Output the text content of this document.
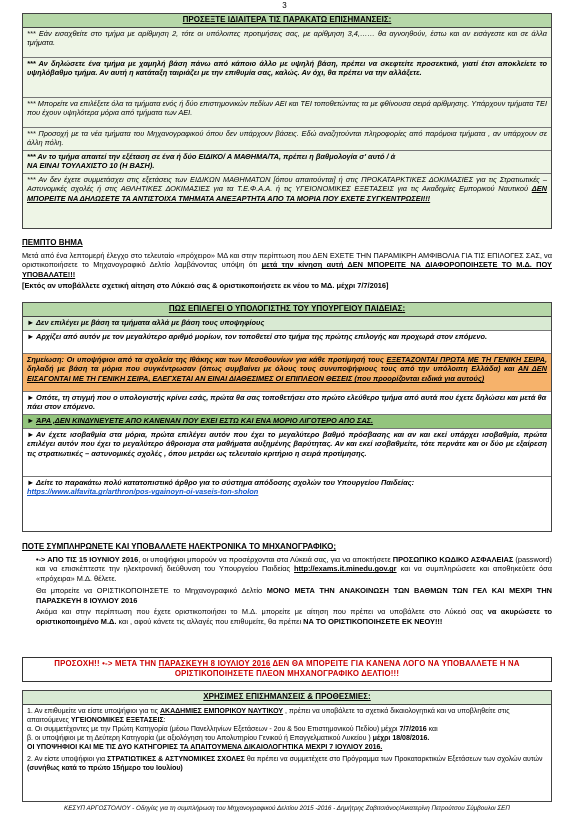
3
ΠΡΟΣΕΞΤΕ ΙΔΙΑΙΤΕΡΑ ΤΙΣ ΠΑΡΑΚΑΤΩ ΕΠΙΣΗΜΑΝΣΕΙΣ:
*** Εάν εισαχθείτε στο τμήμα με αρίθμηση 2, τότε οι υπόλοιπες προτιμήσεις σας, με αρίθμηση 3,4,…… θα αγνοηθούν, έστω και αν εισάγεστε και σε άλλα τμήματα.
*** Αν δηλώσετε ένα τμήμα με χαμηλή βάση πάνω από κάποιο άλλο με υψηλή βάση, πρέπει να σκεφτείτε προσεκτικά, γιατί έτσι αποκλείετε το υψηλόβαθμο τμήμα. Αν αυτή η κατάταξη ταιριάζει με την επιθυμία σας, καλώς. Αν όχι, θα πρέπει να την αλλάξετε.
*** Μπορείτε να επιλέξετε όλα τα τμήματα ενός ή δύο επιστημονικών πεδίων ΑΕΙ και ΤΕΙ τοποθετώντας τα με φθίνουσα σειρά αρίθμησης. Υπάρχουν τμήματα ΤΕΙ που έχουν υψηλότερα μόρια από τμήματα των ΑΕΙ.
*** Προσοχή με τα νέα τμήματα του Μηχανογραφικού όπου δεν υπάρχουν βάσεις. Εδώ αναζητούνται πληροφορίες από παρόμοια τμήματα , αν υπάρχουν σε άλλη πόλη.
*** Αν το τμήμα απαιτεί την εξέταση σε ένα ή δύο ΕΙΔΙΚΟ/ Α ΜΑΘΗΜΑ/ΤΑ, πρέπει η βαθμολογία σ' αυτό / ά
ΝΑ ΕΙΝΑΙ ΤΟΥΛΑΧΙΣΤΟ 10 (Η ΒΑΣΗ).
*** Αν δεν έχετε συμμετάσχει στις εξετάσεις των ΕΙΔΙΚΩΝ ΜΑΘΗΜΑΤΩΝ [όπου απαιτούνται] ή στις ΠΡΟΚΑΤΑΡΚΤΙΚΕΣ ΔΟΚΙΜΑΣΙΕΣ για τις Στρατιωτικές – Αστυνομικές σχολές ή στις ΑΘΛΗΤΙΚΕΣ ΔΟΚΙΜΑΣΙΕΣ για τα Τ.Ε.Φ.Α.Α. ή τις ΥΓΕΙΟΝΟΜΙΚΕΣ ΕΞΕΤΑΣΕΙΣ για τις Ακαδημίες Εμπορικού Ναυτικού ΔΕΝ ΜΠΟΡΕΙΤΕ ΝΑ ΔΗΛΩΣΕΤΕ ΤΑ ΑΝΤΙΣΤΟΙΧΑ ΤΜΗΜΑΤΑ ΑΝΕΞΑΡΤΗΤΑ ΑΠΟ ΤΑ ΜΟΡΙΑ ΠΟΥ ΕΧΕΤΕ ΣΥΓΚΕΝΤΡΩΣΕΙ!!!
ΠΕΜΠΤΟ ΒΗΜΑ
Μετά από ένα λεπτομερή έλεγχο στο τελευταίο «πρόχειρο» ΜΔ και στην περίπτωση που ΔΕΝ ΕΧΕΤΕ ΤΗΝ ΠΑΡΑΜΙΚΡΗ ΑΜΦΙΒΟΛΙΑ ΓΙΑ ΤΙΣ ΕΠΙΛΟΓΕΣ ΣΑΣ, να οριστικοποιήσετε το Μηχανογραφικό Δελτίο λαμβάνοντας υπόψη ότι μετά την κίνηση αυτή ΔΕΝ ΜΠΟΡΕΙΤΕ ΝΑ ΔΙΑΦΟΡΟΠΟΙΗΣΕΤΕ ΤΟ Μ.Δ. ΠΟΥ ΥΠΟΒΑΛΑΤΕ!!!
[Εκτός αν υποβάλλετε σχετική αίτηση στο Λύκειό σας & οριστικοποιήσετε εκ νέου το ΜΔ. μέχρι 7/7/2016]
ΠΩΣ ΕΠΙΛΕΓΕΙ Ο ΥΠΟΛΟΓΙΣΤΗΣ ΤΟΥ ΥΠΟΥΡΓΕΙΟΥ ΠΑΙΔΕΙΑΣ:
► Δεν επιλέγει με βάση τα τμήματα αλλά με βάση τους υποψηφίους
► Αρχίζει από αυτόν με τον μεγαλύτερο αριθμό μορίων, τον τοποθετεί στο τμήμα της πρώτης επιλογής και προχωρά στον επόμενο.
Σημείωση: Οι υποψήφιοι από τα σχολεία της Ιθάκης και των Μεσοθουνίων για κάθε προτίμησή τους ΕΞΕΤΑΖΟΝΤΑΙ ΠΡΩΤΑ ΜΕ ΤΗ ΓΕΝΙΚΗ ΣΕΙΡΑ, δηλαδή με βάση τα μόρια που συγκέντρωσαν (όπως συμβαίνει με όλους τους συνυποψήφιους τους από την υπόλοιπη Ελλάδα) και ΑΝ ΔΕΝ ΕΙΣΑΓΟΝΤΑΙ ΜΕ ΤΗ ΓΕΝΙΚΗ ΣΕΙΡΑ, ΕΛΕΓΧΕΤΑΙ ΑΝ ΕΙΝΑΙ ΔΙΑΘΕΣΙΜΕΣ ΟΙ ΕΠΙΠΛΕΟΝ ΘΕΣΕΙΣ (που προορίζονται ειδικά για αυτούς)
► Οπότε, τη στιγμή που ο υπολογιστής κρίνει εσάς, πρώτα θα σας τοποθετήσει στο πρώτο ελεύθερο τμήμα από αυτά που έχετε δηλώσει και μετά θα πάει στον επόμενο.
► ΆΡΑ ,ΔΕΝ ΚΙΝΔΥΝΕΥΕΤΕ ΑΠΟ ΚΑΝΕΝΑΝ ΠΟΥ ΕΧΕΙ ΕΣΤΩ ΚΑΙ ΕΝΑ ΜΟΡΙΟ ΛΙΓΟΤΕΡΟ ΑΠΟ ΣΑΣ.
► Αν έχετε ισοβαθμία στα μόρια, πρώτα επιλέγει αυτόν που έχει το μεγαλύτερο βαθμό πρόσβασης και αν και εκεί υπάρχει ισοβαθμία, πρώτα επιλέγει αυτόν που έχει το μεγαλύτερο άθροισμα στα μαθήματα αυξημένης βαρύτητας. Αν και εκεί ισοβαθμείτε, τότε περνάτε και οι δύο με εξαίρεση τις στρατιωτικές – αστυνομικές σχολές , όπου μετράει ως τελευταίο κριτήριο η σειρά προτίμησης.
► Δείτε το παρακάτω πολύ κατατοπιστικό άρθρο για το σύστημα απόδοσης σχολών του Υπουργείου Παιδείας:
https://www.alfavita.gr/arthron/pos-vgainoyn-oi-vaseis-ton-sholon
ΠΟΤΕ ΣΥΜΠΛΗΡΩΝΕΤΕ ΚΑΙ ΥΠΟΒΑΛΛΕΤΕ ΗΛΕΚΤΡΟΝΙΚΑ ΤΟ ΜΗΧΑΝΟΓΡΑΦΙΚΟ;
•-> ΑΠΟ ΤΙΣ 15 ΙΟΥΝΙΟΥ 2016, οι υποψήφιοι μπορούν να προσέρχονται στα Λύκειά σας, για να αποκτήσετε ΠΡΟΣΩΠΙΚΟ ΚΩΔΙΚΟ ΑΣΦΑΛΕΙΑΣ (password) και να επισκέπτεστε την ηλεκτρονική διεύθυνση του Υπουργείου Παιδείας http://exams.it.minedu.gov.gr και να συμπληρώσετε και αποθηκεύετε όσα «πρόχειρα» Μ.Δ. θέλετε.
Θα μπορείτε να ΟΡΙΣΤΙΚΟΠΟΙΗΣΕΤΕ το Μηχανογραφικό Δελτίο ΜΟΝΟ ΜΕΤΑ ΤΗΝ ΑΝΑΚΟΙΝΩΣΗ ΤΩΝ ΒΑΘΜΩΝ ΤΩΝ ΓΕΛ ΚΑΙ ΜΕΧΡΙ ΤΗΝ ΠΑΡΑΣΚΕΥΗ 8 ΙΟΥΛΙΟΥ 2016
Ακόμα και στην περίπτωση που έχετε οριστικοποιήσει το Μ.Δ. μπορείτε με αίτηση που πρέπει να υποβάλετε στο Λύκειό σας να ακυρώσετε το οριστικοποιημένο Μ.Δ. και , αφού κάνετε τις αλλαγές που επιθυμείτε, θα πρέπει ΝΑ ΤΟ ΟΡΙΣΤΙΚΟΠΟΙΗΣΕΤΕ ΕΚ ΝΕΟΥ!!!
ΠΡΟΣΟΧΗ!! •-> ΜΕΤΑ ΤΗΝ ΠΑΡΑΣΚΕΥΗ 8 ΙΟΥΛΙΟΥ 2016 ΔΕΝ ΘΑ ΜΠΟΡΕΙΤΕ ΓΙΑ ΚΑΝΕΝΑ ΛΟΓΟ ΝΑ ΥΠΟΒΑΛΛΕΤΕ Η ΝΑ ΟΡΙΣΤΙΚΟΠΟΙΗΣΕΤΕ ΠΛΕΟΝ ΜΗΧΑΝΟΓΡΑΦΙΚΟ ΔΕΛΤΙΟ!!!
ΧΡΗΣΙΜΕΣ ΕΠΙΣΗΜΑΝΣΕΙΣ & ΠΡΟΘΕΣΜΙΕΣ:
1. Αν επιθυμείτε να είστε υποψήφιοι για τις ΑΚΑΔΗΜΙΕΣ ΕΜΠΟΡΙΚΟΥ ΝΑΥΤΙΚΟΥ , πρέπει να υποβάλετε τα σχετικά δικαιολογητικά και να υποβληθείτε στις απαιτούμενες ΥΓΕΙΟΝΟΜΙΚΕΣ ΕΞΕΤΑΣΕΙΣ:
α. Οι συμμετέχοντες με την Πρώτη Κατηγορία (μέσω Πανελληνίων Εξετάσεων - 2ου & 5ου Επιστημονικού Πεδίου) μέχρι 7/7/2016 και
β. οι υποψήφιοι με τη Δεύτερη Κατηγορία (με αξιολόγηση του Απολυτηρίου Γενικού ή Επαγγελματικού Λυκείου ) μέχρι 18/08/2016.
ΟΙ ΥΠΟΨΗΦΙΟΙ ΚΑΙ ΜΕ ΤΙΣ ΔΥΟ ΚΑΤΗΓΟΡΙΕΣ ΤΑ ΑΠΑΙΤΟΥΜΕΝΑ ΔΙΚΑΙΟΛΟΓΗΤΙΚΑ ΜΕΧΡΙ 7 ΙΟΥΛΙΟΥ 2016.
2. Αν είστε υποψήφιοι για ΣΤΡΑΤΙΩΤΙΚΕΣ & ΑΣΤΥΝΟΜΙΚΕΣ ΣΧΟΛΕΣ θα πρέπει να συμμετέχετε στο Πρόγραμμα των Προκαταρκτικών Εξετάσεων των σχολών αυτών (συνήθως κατά το πρώτο 15ήμερο του Ιουλίου)
ΚΕΣΥΠ ΑΡΓΟΣΤΟΛΙΟΥ - Οδηγίες για τη συμπλήρωση του Μηχανογραφικού Δελτίου 2015 -2016 - Δημήτρης Ζαβιτσιάνος/Αικατερίνη Πετρούτσου Σύμβουλοι ΣΕΠ
